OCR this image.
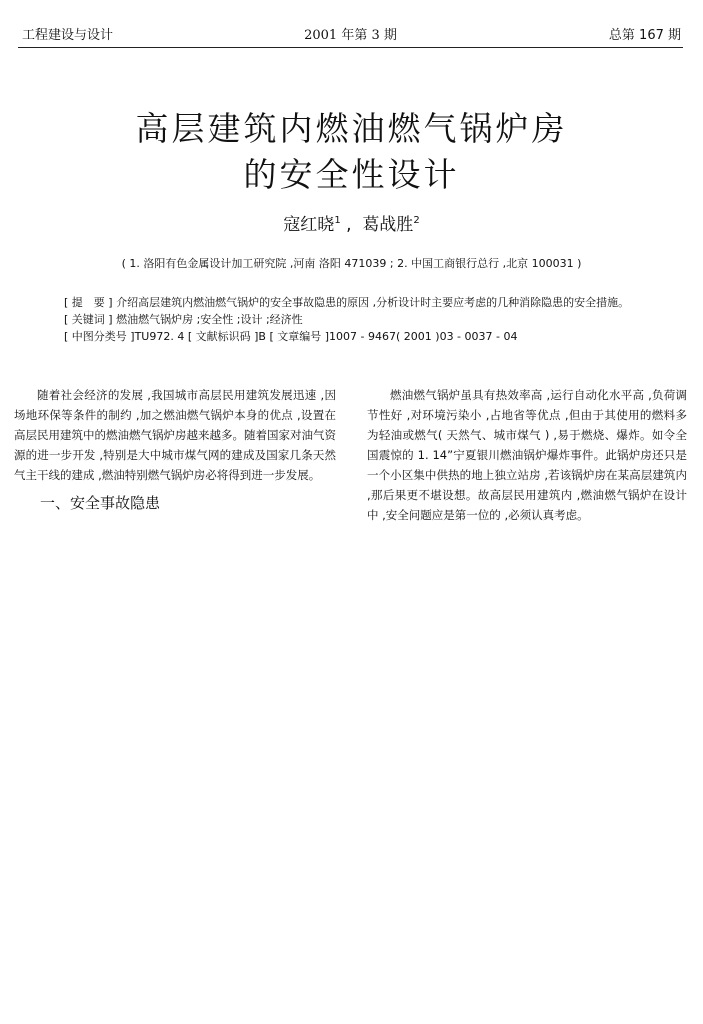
工程建设与设计	2001 年第 3 期	总第 167 期
高层建筑内燃油燃气锅炉房
的安全性设计
寇红晓$^1$ ,  葛战胜$^2$
( 1. 洛阳有色金属设计加工研究院 ,河南 洛阳 471039 ; 2. 中国工商银行总行 ,北京 100031 )
[ 提　要 ] 介绍高层建筑内燃油燃气锅炉的安全事故隐患的原因 ,分析设计时主要应考虑的几种消除隐患的安全措施。
[ 关键词 ] 燃油燃气锅炉房 ;安全性 ;设计 ;经济性
[ 中图分类号 ]TU972. 4 [ 文献标识码 ]B [ 文章编号 ]1007 - 9467( 2001 )03 - 0037 - 04

随着社会经济的发展 ,我国城市高层民用建筑发展迅速 ,因场地环保等条件的制约 ,加之燃油燃气锅炉本身的优点 ,设置在高层民用建筑中的燃油燃气锅炉房越来越多。随着国家对油气资源的进一步开发 ,特别是大中城市煤气网的建成及国家几条天然气主干线的建成 ,燃油特别燃气锅炉房必将得到进一步发展。

一、安全事故隐患

燃油燃气锅炉虽具有热效率高 ,运行自动化水平高 ,负荷调节性好 ,对环境污染小 ,占地省等优点 ,但由于其使用的燃料多为轻油或燃气( 天然气、城市煤气 ) ,易于燃烧、爆炸。如令全国震惊的 1. 14”宁夏银川燃油锅炉爆炸事件。此锅炉房还只是一个小区集中供热的地上独立站房 ,若该锅炉房在某高层建筑内 ,那后果更不堪设想。故高层民用建筑内 ,燃油燃气锅炉在设计中 ,安全问题应是第一位的 ,必须认真考虑。
